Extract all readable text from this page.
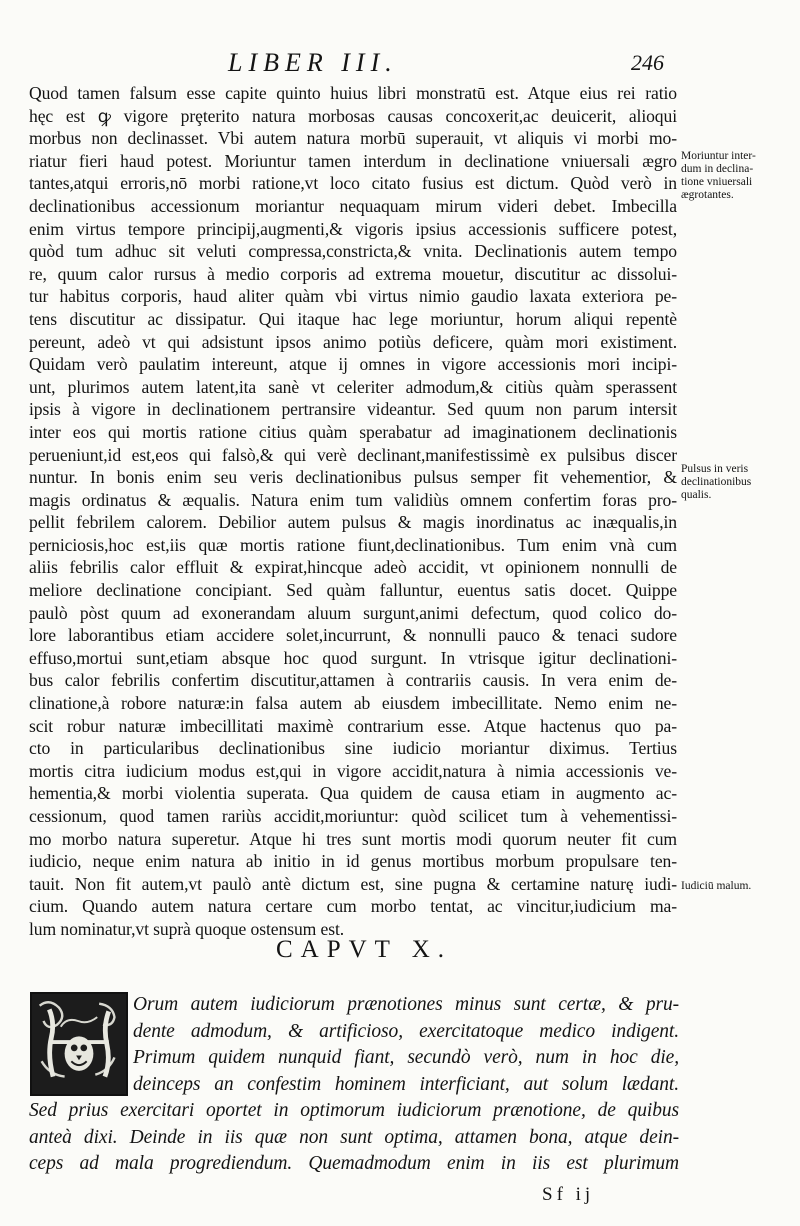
LIBER III.	246
Quod tamen falsum esse capite quinto huius libri monstratū est. Atque eius rei ratio
hęc est ꝙ vigore prȩterito natura morbosas causas concoxerit,ac deuicerit, alioqui
morbus non declinasset. Vbi autem natura morbū superauit, vt aliquis vi morbi mo-
riatur fieri haud potest. Moriuntur tamen interdum in declinatione vniuersali ægro
tantes,atqui erroris,nō morbi ratione,vt loco citato fusius est dictum. Quòd verò in
declinationibus accessionum moriantur nequaquam mirum videri debet. Imbecilla
enim virtus tempore principij,augmenti,& vigoris ipsius accessionis sufficere potest,
quòd tum adhuc sit veluti compressa,constricta,& vnita. Declinationis autem tempo
re, quum calor rursus à medio corporis ad extrema mouetur, discutitur ac dissolui-
tur habitus corporis, haud aliter quàm vbi virtus nimio gaudio laxata exteriora pe-
tens discutitur ac dissipatur. Qui itaque hac lege moriuntur, horum aliqui repentè
pereunt, adeò vt qui adsistunt ipsos animo potiùs deficere, quàm mori existiment.
Quidam verò paulatim intereunt, atque ij omnes in vigore accessionis mori incipi-
unt, plurimos autem latent,ita sanè vt celeriter admodum,& citiùs quàm sperassent
ipsis à vigore in declinationem pertransire videantur. Sed quum non parum intersit
inter eos qui mortis ratione citius quàm sperabatur ad imaginationem declinationis
perueniunt,id est,eos qui falsò,& qui verè declinant,manifestissimè ex pulsibus discer
nuntur. In bonis enim seu veris declinationibus pulsus semper fit vehementior, &
magis ordinatus & æqualis. Natura enim tum validiùs omnem confertim foras pro-
pellit febrilem calorem. Debilior autem pulsus & magis inordinatus ac inæqualis,in
perniciosis,hoc est,iis quæ mortis ratione fiunt,declinationibus. Tum enim vnà cum
aliis febrilis calor effluit & expirat,hincque adeò accidit, vt opinionem nonnulli de
meliore declinatione concipiant. Sed quàm falluntur, euentus satis docet. Quippe
paulò pòst quum ad exonerandam aluum surgunt,animi defectum, quod colico do-
lore laborantibus etiam accidere solet,incurrunt, & nonnulli pauco & tenaci sudore
effuso,mortui sunt,etiam absque hoc quod surgunt. In vtrisque igitur declinationi-
bus calor febrilis confertim discutitur,attamen à contrariis causis. In vera enim de-
clinatione,à robore naturæ:in falsa autem ab eiusdem imbecillitate. Nemo enim ne-
scit robur naturæ imbecillitati maximè contrarium esse. Atque hactenus quo pa-
cto in particularibus declinationibus sine iudicio moriantur diximus. Tertius
mortis citra iudicium modus est,qui in vigore accidit,natura à nimia accessionis ve-
hementia,& morbi violentia superata. Qua quidem de causa etiam in augmento ac-
cessionum, quod tamen rariùs accidit,moriuntur: quòd scilicet tum à vehementissi-
mo morbo natura superetur. Atque hi tres sunt mortis modi quorum neuter fit cum
iudicio, neque enim natura ab initio in id genus mortibus morbum propulsare ten-
tauit. Non fit autem,vt paulò antè dictum est, sine pugna & certamine naturę iudi-
cium. Quando autem natura certare cum morbo tentat, ac vincitur,iudicium ma-
lum nominatur,vt suprà quoque ostensum est.
Moriuntur inter-
dum in declina-
tione vniuersali
ægrotantes.
Pulsus in veris
declinationibus
qualis.
Iudiciū malum.
CAPVT X.
Orum autem iudiciorum prænotiones minus sunt certæ, & pru-
dente admodum, & artificioso, exercitatoque medico indigent.
Primum quidem nunquid fiant, secundò verò, num in hoc die,
deinceps an confestim hominem interficiant, aut solum lædant.
Sed prius exercitari oportet in optimorum iudiciorum prænotione, de quibus
anteà dixi. Deinde in iis quæ non sunt optima, attamen bona, atque dein-
ceps ad mala progrediendum. Quemadmodum enim in iis est plurimum
Sf ij
